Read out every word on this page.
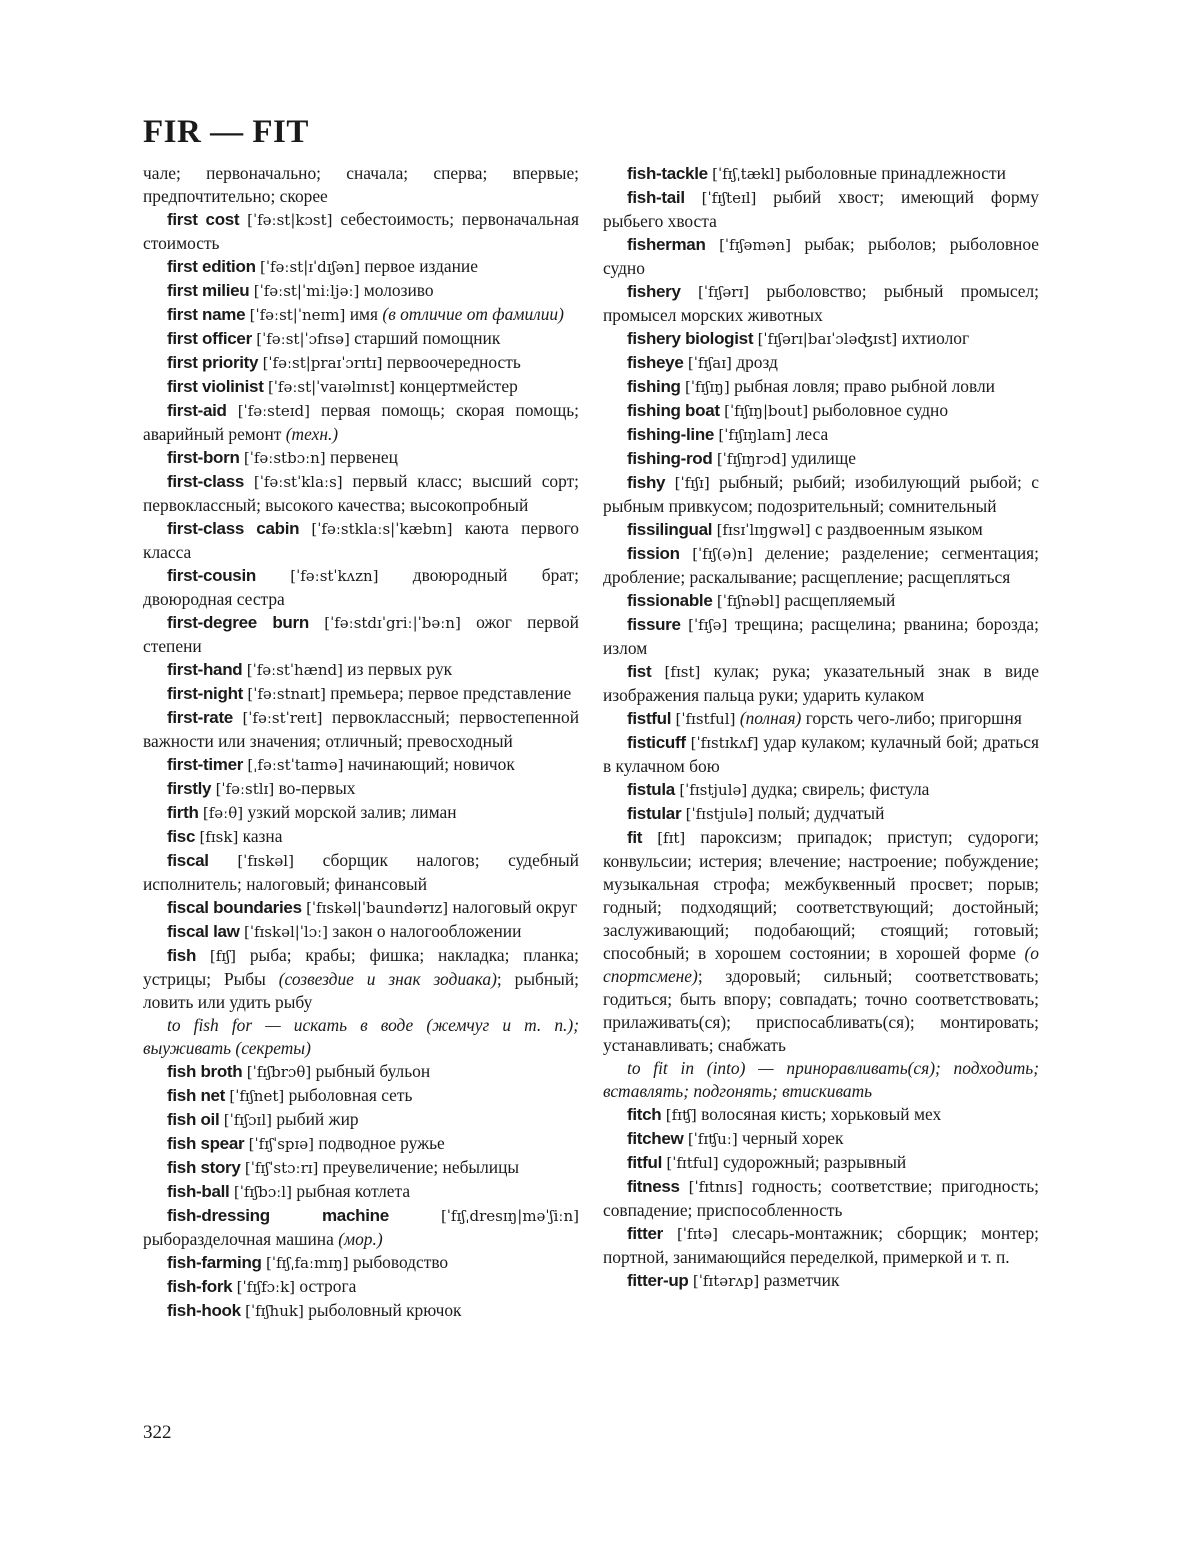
FIR — FIT

чале; первоначально; сначала; сперва; впервые; предпочтительно; скорее

first cost [ˈfəːst|kɔst] себестоимость; первоначальная стоимость

first edition [ˈfəːst|ɪˈdɪʃən] первое издание

first milieu [ˈfəːst|ˈmiːljəː] молозиво

first name [ˈfəːst|ˈneɪm] имя (в отличие от фамилии)

first officer [ˈfəːst|ˈɔfɪsə] старший помощник

first priority [ˈfəːst|praɪˈɔrɪtɪ] первоочередность

first violinist [ˈfəːst|ˈvaɪəlɪnɪst] концертмейстер

first-aid [ˈfəːsteɪd] первая помощь; скорая помощь; аварийный ремонт (техн.)

first-born [ˈfəːstbɔːn] первенец

first-class [ˈfəːstˈklaːs] первый класс; высший сорт; первоклассный; высокого качества; высокопробный

first-class cabin [ˈfəːstklaːs|ˈkæbɪn] каюта первого класса

first-cousin [ˈfəːstˈkʌzn] двоюродный брат; двоюродная сестра

first-degree burn [ˈfəːstdɪˈgriː|ˈbəːn] ожог первой степени

first-hand [ˈfəːstˈhænd] из первых рук

first-night [ˈfəːstnaɪt] премьера; первое представление

first-rate [ˈfəːstˈreɪt] первоклассный; первостепенной важности или значения; отличный; превосходный

first-timer [ˌfəːstˈtaɪmə] начинающий; новичок

firstly [ˈfəːstlɪ] во-первых

firth [fəːθ] узкий морской залив; лиман

fisc [fɪsk] казна

fiscal [ˈfɪskəl] сборщик налогов; судебный исполнитель; налоговый; финансовый

fiscal boundaries [ˈfɪskəl|ˈbaundərɪz] налоговый округ

fiscal law [ˈfɪskəl|ˈlɔː] закон о налогообложении

fish [fɪʃ] рыба; крабы; фишка; накладка; планка; устрицы; Рыбы (созвездие и знак зодиака); рыбный; ловить или удить рыбу

to fish for — искать в воде (жемчуг и т. п.); выуживать (секреты)

fish broth [ˈfɪʃbrɔθ] рыбный бульон

fish net [ˈfɪʃnet] рыболовная сеть

fish oil [ˈfɪʃɔɪl] рыбий жир

fish spear [ˈfɪʃˈspɪə] подводное ружье

fish story [ˈfɪʃˈstɔːrɪ] преувеличение; небылицы

fish-ball [ˈfɪʃbɔːl] рыбная котлета

fish-dressing machine	[ˈfɪʃˌdresɪŋ|məˈʃiːn] рыборазделочная машина (мор.)

fish-farming [ˈfɪʃˌfaːmɪŋ] рыбоводство

fish-fork [ˈfɪʃfɔːk] острога

fish-hook [ˈfɪʃhuk] рыболовный крючок

fish-tackle [ˈfɪʃˌtækl] рыболовные принадлежности

fish-tail [ˈfɪʃteɪl] рыбий хвост; имеющий форму рыбьего хвоста

fisherman [ˈfɪʃəmən] рыбак; рыболов; рыболовное судно

fishery [ˈfɪʃərɪ] рыболовство; рыбный промысел; промысел морских животных

fishery biologist [ˈfɪʃərɪ|baɪˈɔləʤɪst] ихтиолог

fisheye [ˈfɪʃaɪ] дрозд

fishing [ˈfɪʃɪŋ] рыбная ловля; право рыбной ловли

fishing boat [ˈfɪʃɪŋ|bout] рыболовное судно

fishing-line [ˈfɪʃɪŋlaɪn] леса

fishing-rod [ˈfɪʃɪŋrɔd] удилище

fishy [ˈfɪʃɪ] рыбный; рыбий; изобилующий рыбой; с рыбным привкусом; подозрительный; сомнительный

fissilingual [fɪsɪˈlɪŋgwəl] с раздвоенным языком

fission [ˈfɪʃ(ə)n] деление; разделение; сегментация; дробление; раскалывание; расщепление; расщепляться

fissionable [ˈfɪʃnəbl] расщепляемый

fissure [ˈfɪʃə] трещина; расщелина; рванина; борозда; излом

fist [fɪst] кулак; рука; указательный знак в виде изображения пальца руки; ударить кулаком

fistful [ˈfɪstful] (полная) горсть чего-либо; пригоршня

fisticuff [ˈfɪstɪkʌf] удар кулаком; кулачный бой; драться в кулачном бою

fistula [ˈfɪstjulə] дудка; свирель; фистула

fistular [ˈfɪstjulə] полый; дудчатый

fit [fɪt] пароксизм; припадок; приступ; судороги; конвульсии; истерия; влечение; настроение; побуждение; музыкальная строфа; межбуквенный просвет; порыв; годный; подходящий; соответствующий; достойный; заслуживающий; подобающий; стоящий; готовый; способный; в хорошем состоянии; в хорошей форме (о спортсмене); здоровый; сильный; соответствовать; годиться; быть впору; совпадать; точно соответствовать; прилаживать(ся); приспосабливать(ся); монтировать; устанавливать; снабжать

to fit in (into) — приноравливать(ся); подходить; вставлять; подгонять; втискивать

fitch [fɪʧ] волосяная кисть; хорьковый мех

fitchew [ˈfɪʧuː] черный хорек

fitful [ˈfɪtful] судорожный; разрывный

fitness [ˈfɪtnɪs] годность; соответствие; пригодность; совпадение; приспособленность

fitter [ˈfɪtə] слесарь-монтажник; сборщик; монтер; портной, занимающийся переделкой, примеркой и т. п.

fitter-up [ˈfɪtərʌp] разметчик

322
